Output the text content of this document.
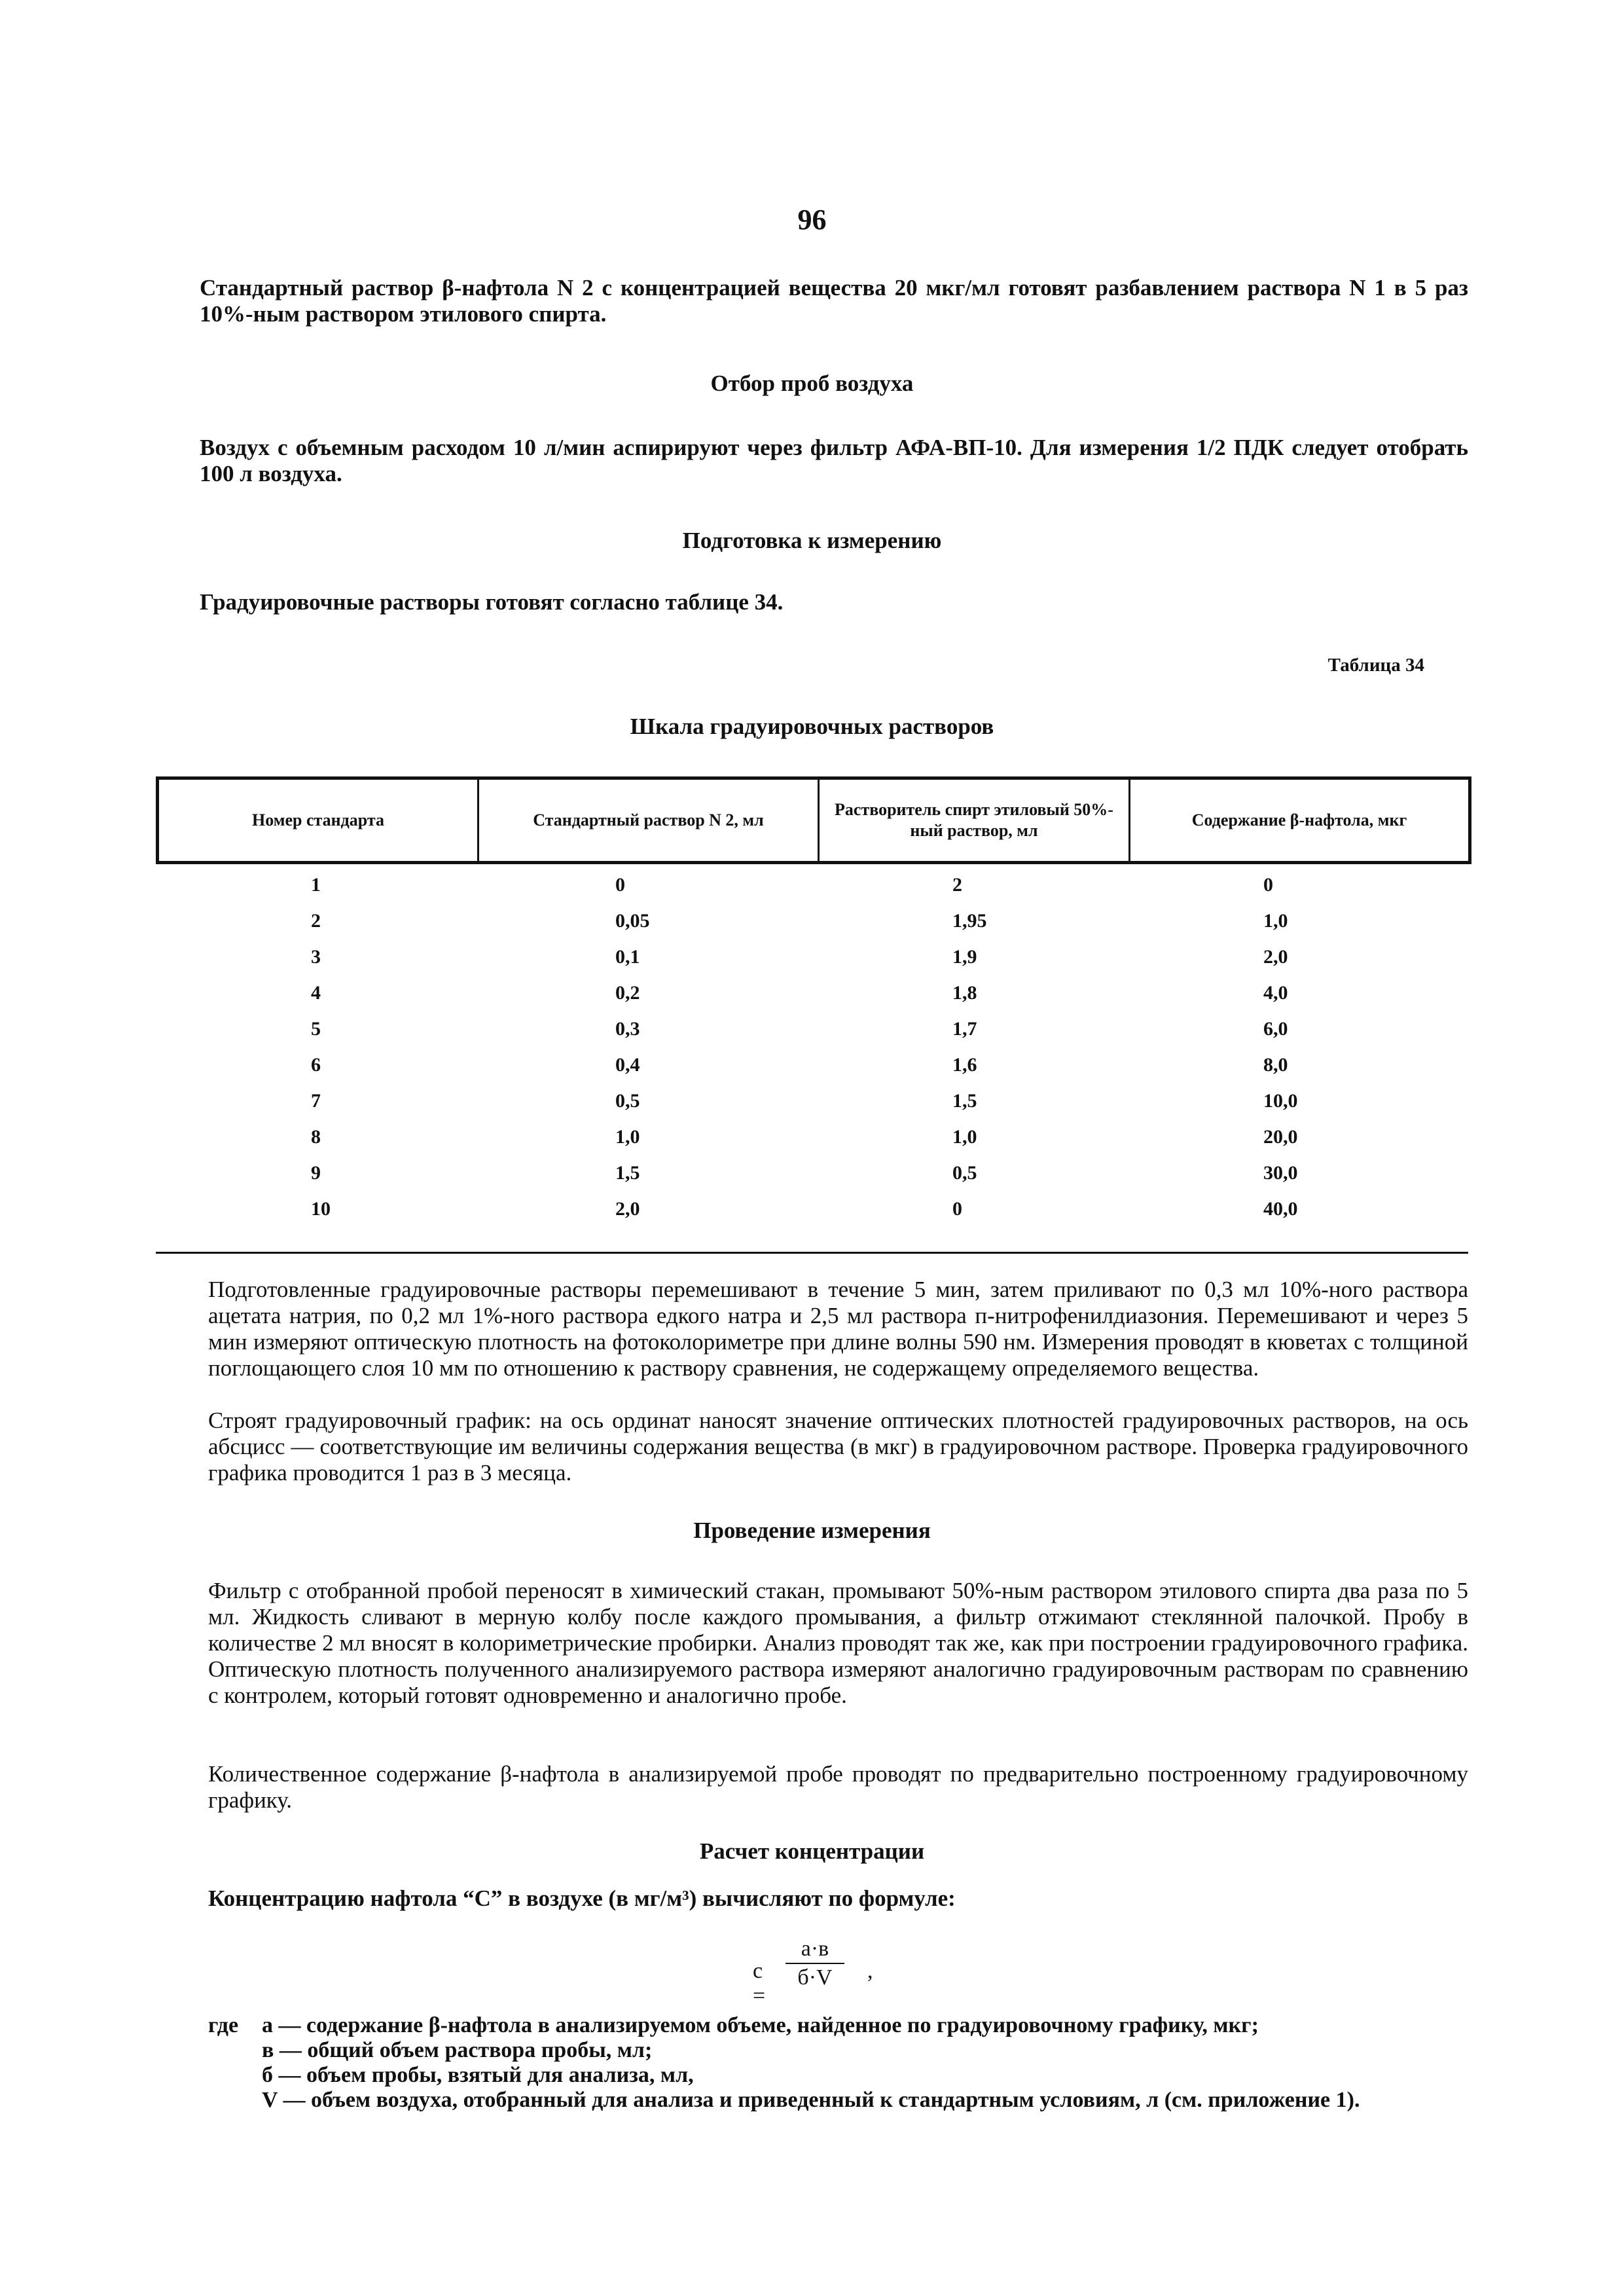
96

Стандартный раствор β-нафтола N 2 с концентрацией вещества 20 мкг/мл готовят разбавлением раствора N 1 в 5 раз 10%-ным раствором этилового спирта.

Отбор проб воздуха

Воздух с объемным расходом 10 л/мин аспирируют через фильтр АФА-ВП-10. Для измерения 1/2 ПДК следует отобрать 100 л воздуха.

Подготовка к измерению

Градуировочные растворы готовят согласно таблице 34.

Таблица 34
Шкала градуировочных растворов
Номер стандарта	Стандартный раствор N 2, мл	Растворитель спирт этиловый 50%-ный раствор, мл	Содержание β-нафтола, мкг
1	0	2	0
2	0,05	1,95	1,0
3	0,1	1,9	2,0
4	0,2	1,8	4,0
5	0,3	1,7	6,0
6	0,4	1,6	8,0
7	0,5	1,5	10,0
8	1,0	1,0	20,0
9	1,5	0,5	30,0
10	2,0	0	40,0

Подготовленные градуировочные растворы перемешивают в течение 5 мин, затем приливают по 0,3 мл 10%-ного раствора ацетата натрия, по 0,2 мл 1%-ного раствора едкого натра и 2,5 мл раствора п-нитрофенилдиазония. Перемешивают и через 5 мин измеряют оптическую плотность на фотоколориметре при длине волны 590 нм. Измерения проводят в кюветах с толщиной поглощающего слоя 10 мм по отношению к раствору сравнения, не содержащему определяемого вещества.

Строят градуировочный график: на ось ординат наносят значение оптических плотностей градуировочных растворов, на ось абсцисс — соответствующие им величины содержания вещества (в мкг) в градуировочном растворе. Проверка градуировочного графика проводится 1 раз в 3 месяца.

Проведение измерения

Фильтр с отобранной пробой переносят в химический стакан, промывают 50%-ным раствором этилового спирта два раза по 5 мл. Жидкость сливают в мерную колбу после каждого промывания, а фильтр отжимают стеклянной палочкой. Пробу в количестве 2 мл вносят в колориметрические пробирки. Анализ проводят так же, как при построении градуировочного графика. Оптическую плотность полученного анализируемого раствора измеряют аналогично градуировочным растворам по сравнению с контролем, который готовят одновременно и аналогично пробе.

Количественное содержание β-нафтола в анализируемой пробе проводят по предварительно построенному градуировочному графику.

Расчет концентрации

Концентрацию нафтола “С” в воздухе (в мг/м³) вычисляют по формуле:

c =
а·в
б·V	,
где а — содержание β-нафтола в анализируемом объеме, найденное по градуировочному графику, мкг;
в — общий объем раствора пробы, мл;
б — объем пробы, взятый для анализа, мл,
V — объем воздуха, отобранный для анализа и приведенный к стандартным условиям, л (см. приложение 1).
